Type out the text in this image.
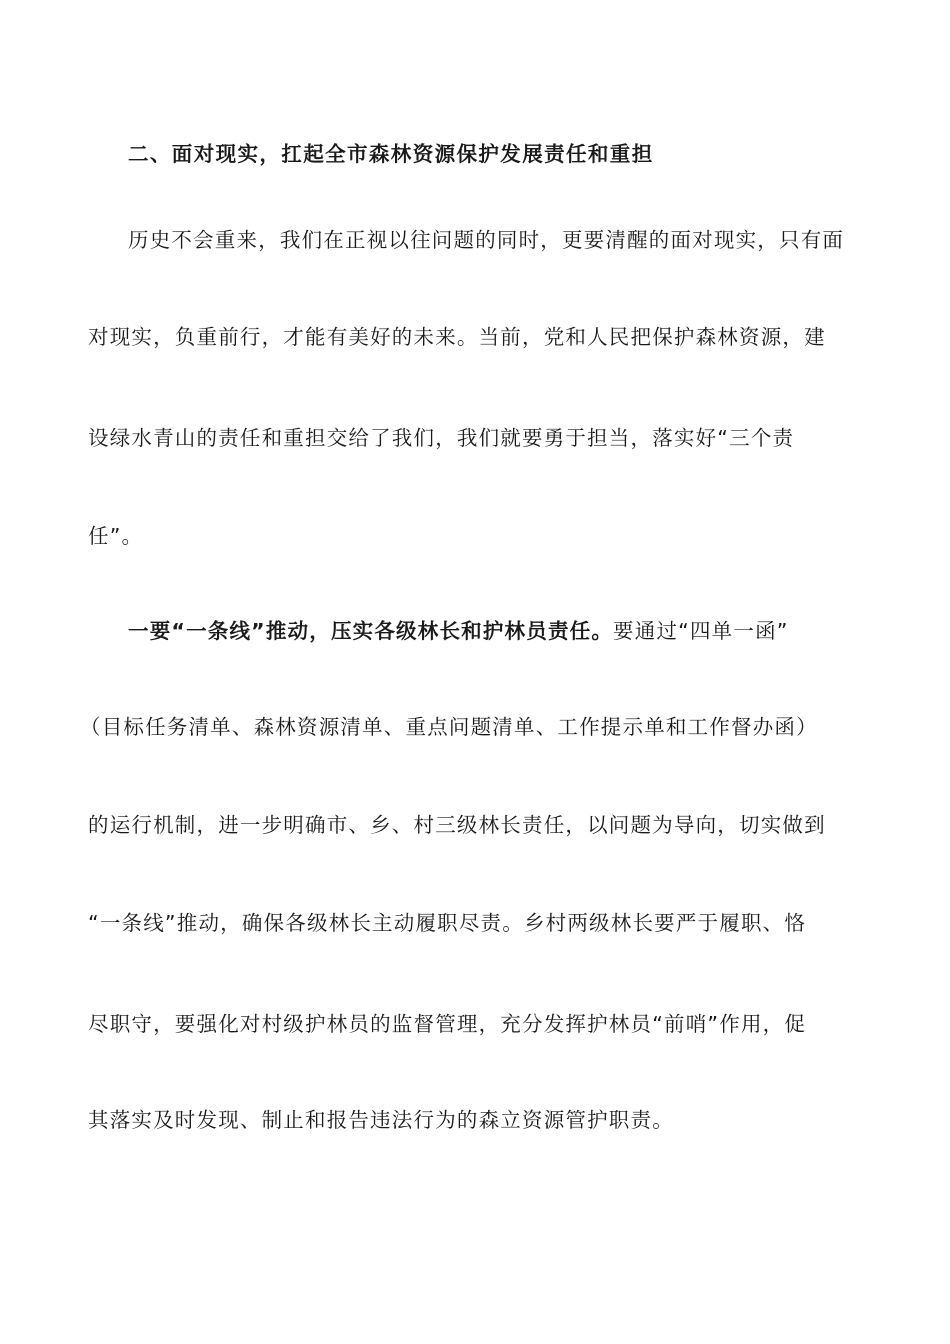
二、面对现实，扛起全市森林资源保护发展责任和重担
历史不会重来，我们在正视以往问题的同时，更要清醒的面对现实，只有面
对现实，负重前行，才能有美好的未来。当前，党和人民把保护森林资源，建
设绿水青山的责任和重担交给了我们，我们就要勇于担当，落实好“三个责
任”。
一要“一条线”推动，压实各级林长和护林员责任。要通过“四单一函”
（目标任务清单、森林资源清单、重点问题清单、工作提示单和工作督办函）
的运行机制，进一步明确市、乡、村三级林长责任，以问题为导向，切实做到
“一条线”推动，确保各级林长主动履职尽责。乡村两级林长要严于履职、恪
尽职守，要强化对村级护林员的监督管理，充分发挥护林员“前哨”作用，促
其落实及时发现、制止和报告违法行为的森立资源管护职责。
